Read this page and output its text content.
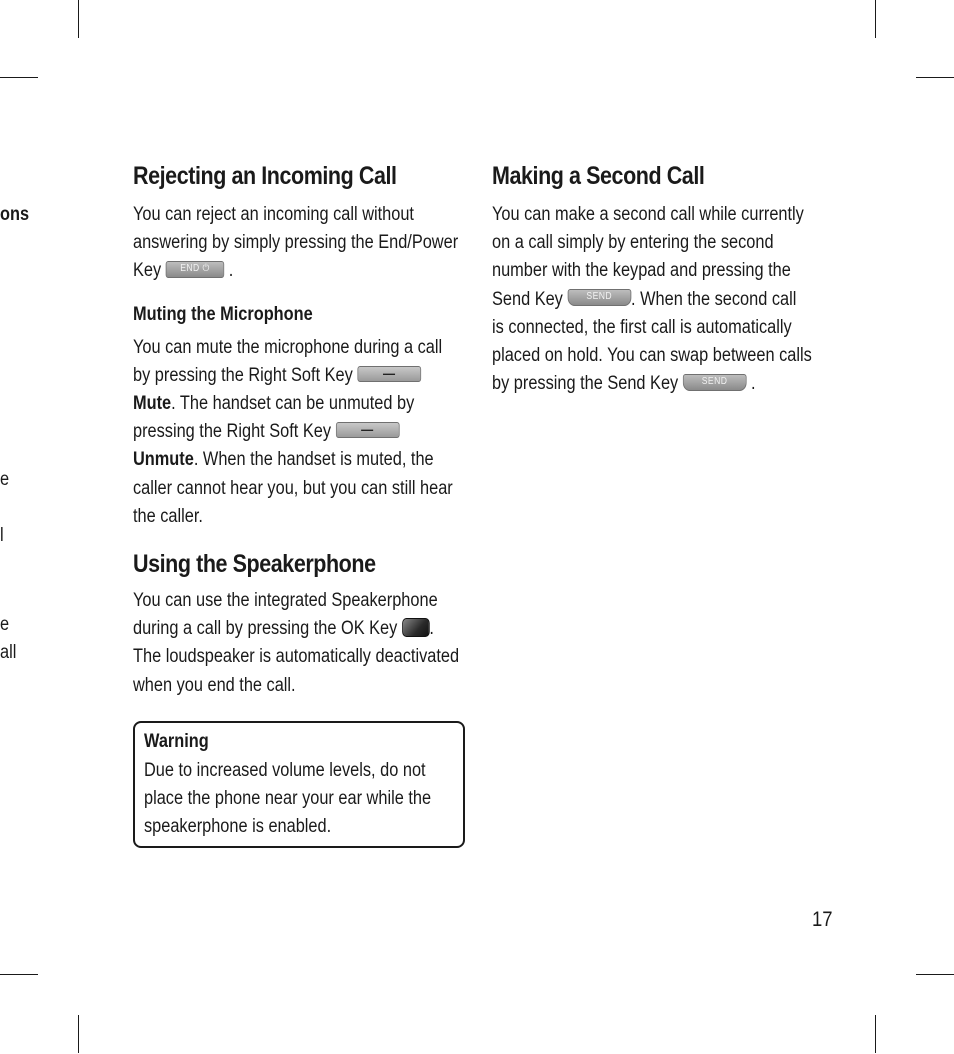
ons
e
l
e
all
Rejecting an Incoming Call
You can reject an incoming call without
answering by simply pressing the End/Power
Key END ⏻ .
Muting the Microphone
You can mute the microphone during a call
by pressing the Right Soft Key —
Mute. The handset can be unmuted by
pressing the Right Soft Key —
Unmute. When the handset is muted, the
caller cannot hear you, but you can still hear
the caller.
Using the Speakerphone
You can use the integrated Speakerphone
during a call by pressing the OK Key .
The loudspeaker is automatically deactivated
when you end the call.
Warning
Due to increased volume levels, do not
place the phone near your ear while the
speakerphone is enabled.
Making a Second Call
You can make a second call while currently
on a call simply by entering the second
number with the keypad and pressing the
Send Key SEND . When the second call
is connected, the first call is automatically
placed on hold. You can swap between calls
by pressing the Send Key SEND .
17
